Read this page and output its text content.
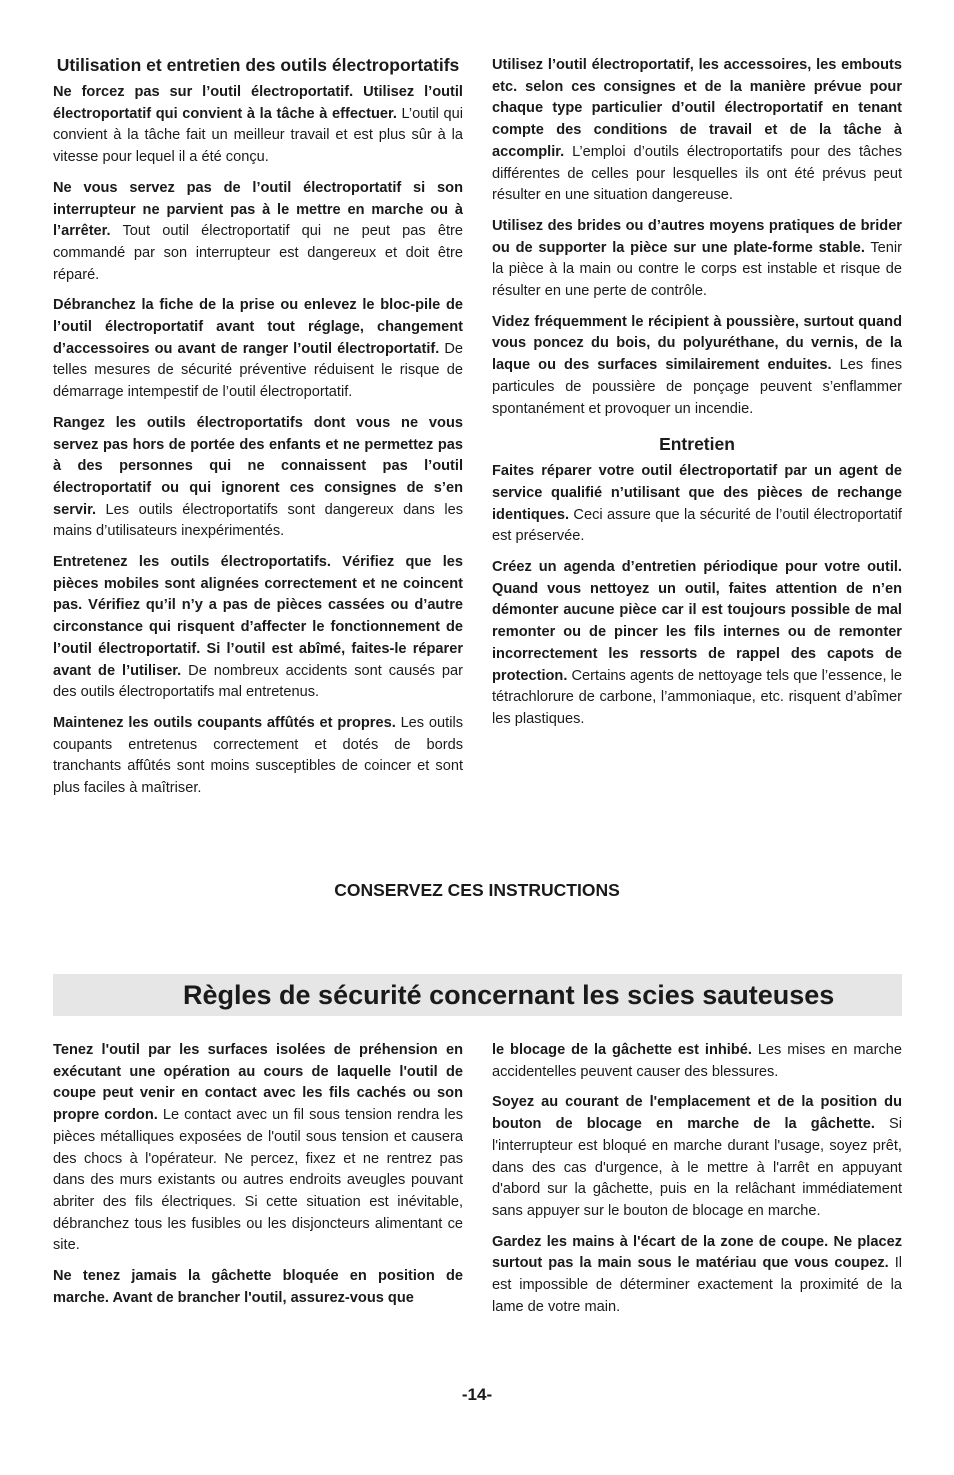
Utilisation et entretien des outils électroportatifs

Ne forcez pas sur l’outil électroportatif. Utilisez l’outil électroportatif qui convient à la tâche à effectuer. L’outil qui convient à la tâche fait un meilleur travail et est plus sûr à la vitesse pour lequel il a été conçu.

Ne vous servez pas de l’outil électroportatif si son interrupteur ne parvient pas à le mettre en marche ou à l’arrêter. Tout outil électroportatif qui ne peut pas être commandé par son interrupteur est dangereux et doit être réparé.

Débranchez la fiche de la prise ou enlevez le bloc-pile de l’outil électroportatif avant tout réglage, changement d’accessoires ou avant de ranger l’outil électroportatif. De telles mesures de sécurité préventive réduisent le risque de démarrage intempestif de l’outil électroportatif.

Rangez les outils électroportatifs dont vous ne vous servez pas hors de portée des enfants et ne permettez pas à des personnes qui ne connaissent pas l’outil électroportatif ou qui ignorent ces consignes de s’en servir. Les outils électroportatifs sont dangereux dans les mains d’utilisateurs inexpérimentés.

Entretenez les outils électroportatifs. Vérifiez que les pièces mobiles sont alignées correctement et ne coincent pas. Vérifiez qu’il n’y a pas de pièces cassées ou d’autre circonstance qui risquent d’affecter le fonctionnement de l’outil électroportatif. Si l’outil est abîmé, faites-le réparer avant de l’utiliser. De nombreux accidents sont causés par des outils électroportatifs mal entretenus.

Maintenez les outils coupants affûtés et propres. Les outils coupants entretenus correctement et dotés de bords tranchants affûtés sont moins susceptibles de coincer et sont plus faciles à maîtriser.

Utilisez l’outil électroportatif, les accessoires, les embouts etc. selon ces consignes et de la manière prévue pour chaque type particulier d’outil électroportatif en tenant compte des conditions de travail et de la tâche à accomplir. L’emploi d’outils électroportatifs pour des tâches différentes de celles pour lesquelles ils ont été prévus peut résulter en une situation dangereuse.

Utilisez des brides ou d’autres moyens pratiques de brider ou de supporter la pièce sur une plate-forme stable. Tenir la pièce à la main ou contre le corps est instable et risque de résulter en une perte de contrôle.

Videz fréquemment le récipient à poussière, surtout quand vous poncez du bois, du polyuréthane, du vernis, de la laque ou des surfaces similairement enduites. Les fines particules de poussière de ponçage peuvent s’enflammer spontanément et provoquer un incendie.

Entretien

Faites réparer votre outil électroportatif par un agent de service qualifié n’utilisant que des pièces de rechange identiques. Ceci assure que la sécurité de l’outil électroportatif est préservée.

Créez un agenda d’entretien périodique pour votre outil. Quand vous nettoyez un outil, faites attention de n’en démonter aucune pièce car il est toujours possible de mal remonter ou de pincer les fils internes ou de remonter incorrectement les ressorts de rappel des capots de protection. Certains agents de nettoyage tels que l’essence, le tétrachlorure de carbone, l’ammoniaque, etc. risquent d’abîmer les plastiques.

CONSERVEZ CES INSTRUCTIONS
Règles de sécurité concernant les scies sauteuses

Tenez l'outil par les surfaces isolées de préhension en exécutant une opération au cours de laquelle l'outil de coupe peut venir en contact avec les fils cachés ou son propre cordon. Le contact avec un fil sous tension rendra les pièces métalliques exposées de l'outil sous tension et causera des chocs à l'opérateur. Ne percez, fixez et ne rentrez pas dans des murs existants ou autres endroits aveugles pouvant abriter des fils électriques. Si cette situation est inévitable, débranchez tous les fusibles ou les disjoncteurs alimentant ce site.

Ne tenez jamais la gâchette bloquée en position de marche. Avant de brancher l'outil, assurez-vous que

le blocage de la gâchette est inhibé. Les mises en marche accidentelles peuvent causer des blessures.

Soyez au courant de l'emplacement et de la position du bouton de blocage en marche de la gâchette. Si l'interrupteur est bloqué en marche durant l'usage, soyez prêt, dans des cas d'urgence, à le mettre à l'arrêt en appuyant d'abord sur la gâchette, puis en la relâchant immédiatement sans appuyer sur le bouton de blocage en marche.

Gardez les mains à l'écart de la zone de coupe. Ne placez surtout pas la main sous le matériau que vous coupez. Il est impossible de déterminer exactement la proximité de la lame de votre main.

-14-
